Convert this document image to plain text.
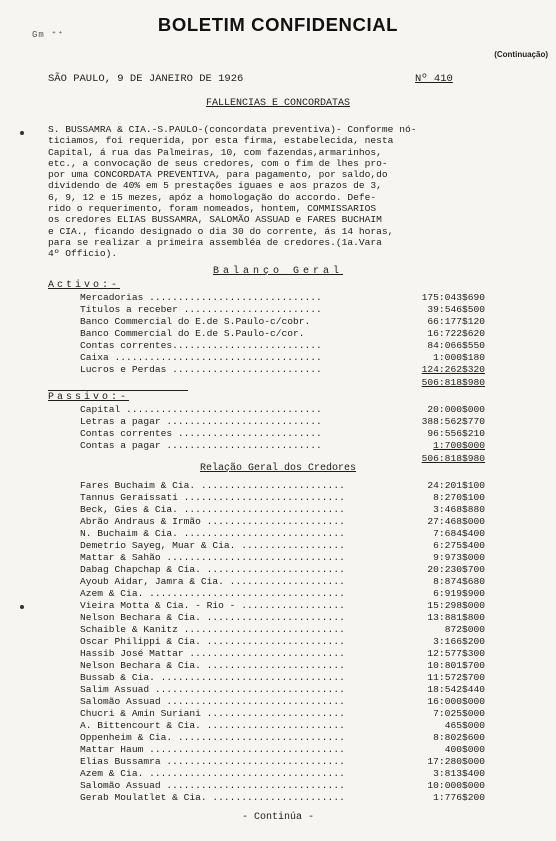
BOLETIM CONFIDENCIAL
Gm ⁺⁺
(Continuação)
SÃO PAULO, 9 DE JANEIRO DE 1926	Nº 410
FALLENCIAS E CONCORDATAS
S. BUSSAMRA & CIA.-S.PAULO-(concordata preventiva)- Conforme nó-
ticiamos, foi requerida, por esta firma, estabelecida, nesta
Capital, á rua das Palmeiras, 10, com fazendas,armarinhos,
etc., a convocação de seus credores, com o fim de lhes pro-
por uma CONCORDATA PREVENTIVA, para pagamento, por saldo,do
dividendo de 40% em 5 prestações iguaes e aos prazos de 3,
6, 9, 12 e 15 mezes, apóz a homologação do accordo. Defe-
rido o requerimento, foram nomeados, hontem, COMMISSARIOS
os credores ELIAS BUSSAMRA, SALOMÃO ASSUAD e FARES BUCHAIM
e CIA., ficando designado o dia 30 do corrente, ás 14 horas,
para se realizar a primeira assembléa de credores.(1a.Vara
4º Officio).
Balanço Geral
Activo:-
Mercadorias ..............................	175:043$690
Titulos a receber ........................	39:546$500
Banco Commercial do E.de S.Paulo-c/cobr.	66:177$120
Banco Commercial do E.de S.Paulo-c/cor.	16:722$620
Contas correntes..........................	84:066$550
Caixa ....................................	1:000$180
Lucros e Perdas ..........................	124:262$320
506:818$980
Passivo:-
Capital ..................................	20:000$000
Letras a pagar ...........................	388:562$770
Contas correntes .........................	96:556$210
Contas a pagar ...........................	1:700$000
506:818$980
Relação Geral dos Credores
Fares Buchaim & Cia. .........................	24:201$100
Tannus Geraissati ............................	8:270$100
Beck, Gies & Cia. ............................	3:468$880
Abrão Andraus & Irmão ........................	27:468$000
N. Buchaim & Cia. ............................	7:684$400
Demetrio Sayeg, Muar & Cia. ..................	6:275$400
Mattar & Sahão ...............................	9:973$000
Dabag Chapchap & Cia. ........................	20:230$700
Ayoub Aidar, Jamra & Cia. ....................	8:874$680
Azem & Cia. ..................................	6:919$900
Vieira Motta & Cia. - Rio - ..................	15:298$000
Nelson Bechara & Cia. ........................	13:881$800
Schaible & Kanitz ............................	872$000
Oscar Philippi & Cia. ........................	3:166$200
Hassib José Mattar ...........................	12:577$300
Nelson Bechara & Cia. ........................	10:801$700
Bussab & Cia. ................................	11:572$700
Salim Assuad .................................	18:542$440
Salomão Assuad ...............................	16:000$000
Chucri & Amin Suriani ........................	7:025$000
A. Bittencourt & Cia. ........................	465$000
Oppenheim & Cia. .............................	8:802$600
Mattar Haum ..................................	400$000
Elias Bussamra ...............................	17:280$000
Azem & Cia. ..................................	3:813$400
Salomão Assuad ...............................	10:000$000
Gerab Moulatlet & Cia. .......................	1:776$200
- Continúa -
